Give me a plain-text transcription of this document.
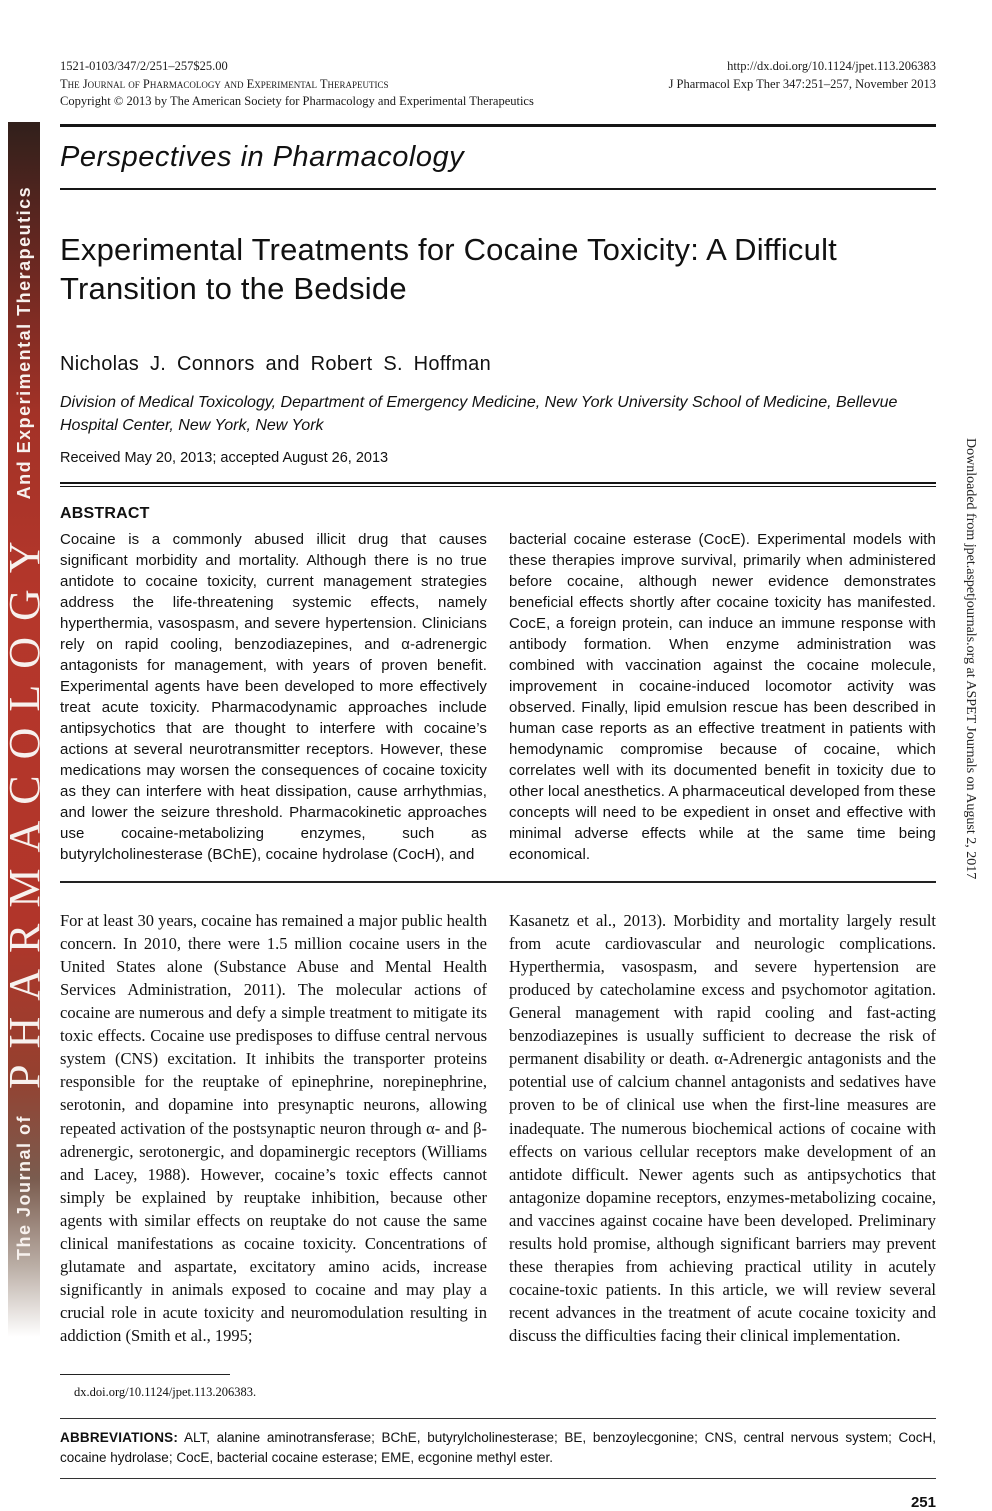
The Journal of
PHARMACOLOGY
And Experimental Therapeutics
Downloaded from jpet.aspetjournals.org at ASPET Journals on August 2, 2017
1521-0103/347/2/251–257$25.00
The Journal of Pharmacology and Experimental Therapeutics
Copyright © 2013 by The American Society for Pharmacology and Experimental Therapeutics
http://dx.doi.org/10.1124/jpet.113.206383
J Pharmacol Exp Ther 347:251–257, November 2013
Perspectives in Pharmacology
Experimental Treatments for Cocaine Toxicity: A Difficult Transition to the Bedside
Nicholas J. Connors and Robert S. Hoffman
Division of Medical Toxicology, Department of Emergency Medicine, New York University School of Medicine, Bellevue Hospital Center, New York, New York
Received May 20, 2013; accepted August 26, 2013
ABSTRACT
Cocaine is a commonly abused illicit drug that causes significant morbidity and mortality. Although there is no true antidote to cocaine toxicity, current management strategies address the life-threatening systemic effects, namely hyperthermia, vasospasm, and severe hypertension. Clinicians rely on rapid cooling, benzodiazepines, and α-adrenergic antagonists for management, with years of proven benefit. Experimental agents have been developed to more effectively treat acute toxicity. Pharmacodynamic approaches include antipsychotics that are thought to interfere with cocaine’s actions at several neurotransmitter receptors. However, these medications may worsen the consequences of cocaine toxicity as they can interfere with heat dissipation, cause arrhythmias, and lower the seizure threshold. Pharmacokinetic approaches use cocaine-metabolizing enzymes, such as butyrylcholinesterase (BChE), cocaine hydrolase (CocH), and
bacterial cocaine esterase (CocE). Experimental models with these therapies improve survival, primarily when administered before cocaine, although newer evidence demonstrates beneficial effects shortly after cocaine toxicity has manifested. CocE, a foreign protein, can induce an immune response with antibody formation. When enzyme administration was combined with vaccination against the cocaine molecule, improvement in cocaine-induced locomotor activity was observed. Finally, lipid emulsion rescue has been described in human case reports as an effective treatment in patients with hemodynamic compromise because of cocaine, which correlates well with its documented benefit in toxicity due to other local anesthetics. A pharmaceutical developed from these concepts will need to be expedient in onset and effective with minimal adverse effects while at the same time being economical.
For at least 30 years, cocaine has remained a major public health concern. In 2010, there were 1.5 million cocaine users in the United States alone (Substance Abuse and Mental Health Services Administration, 2011). The molecular actions of cocaine are numerous and defy a simple treatment to mitigate its toxic effects. Cocaine use predisposes to diffuse central nervous system (CNS) excitation. It inhibits the transporter proteins responsible for the reuptake of epinephrine, norepinephrine, serotonin, and dopamine into presynaptic neurons, allowing repeated activation of the postsynaptic neuron through α- and β-adrenergic, serotonergic, and dopaminergic receptors (Williams and Lacey, 1988). However, cocaine’s toxic effects cannot simply be explained by reuptake inhibition, because other agents with similar effects on reuptake do not cause the same clinical manifestations as cocaine toxicity. Concentrations of glutamate and aspartate, excitatory amino acids, increase significantly in animals exposed to cocaine and may play a crucial role in acute toxicity and neuromodulation resulting in addiction (Smith et al., 1995;
dx.doi.org/10.1124/jpet.113.206383.
Kasanetz et al., 2013). Morbidity and mortality largely result from acute cardiovascular and neurologic complications. Hyperthermia, vasospasm, and severe hypertension are produced by catecholamine excess and psychomotor agitation. General management with rapid cooling and fast-acting benzodiazepines is usually sufficient to decrease the risk of permanent disability or death. α-Adrenergic antagonists and the potential use of calcium channel antagonists and sedatives have proven to be of clinical use when the first-line measures are inadequate. The numerous biochemical actions of cocaine with effects on various cellular receptors make development of an antidote difficult. Newer agents such as antipsychotics that antagonize dopamine receptors, enzymes-metabolizing cocaine, and vaccines against cocaine have been developed. Preliminary results hold promise, although significant barriers may prevent these therapies from achieving practical utility in acutely cocaine-toxic patients. In this article, we will review several recent advances in the treatment of acute cocaine toxicity and discuss the difficulties facing their clinical implementation.
ABBREVIATIONS: ALT, alanine aminotransferase; BChE, butyrylcholinesterase; BE, benzoylecgonine; CNS, central nervous system; CocH, cocaine hydrolase; CocE, bacterial cocaine esterase; EME, ecgonine methyl ester.
251
